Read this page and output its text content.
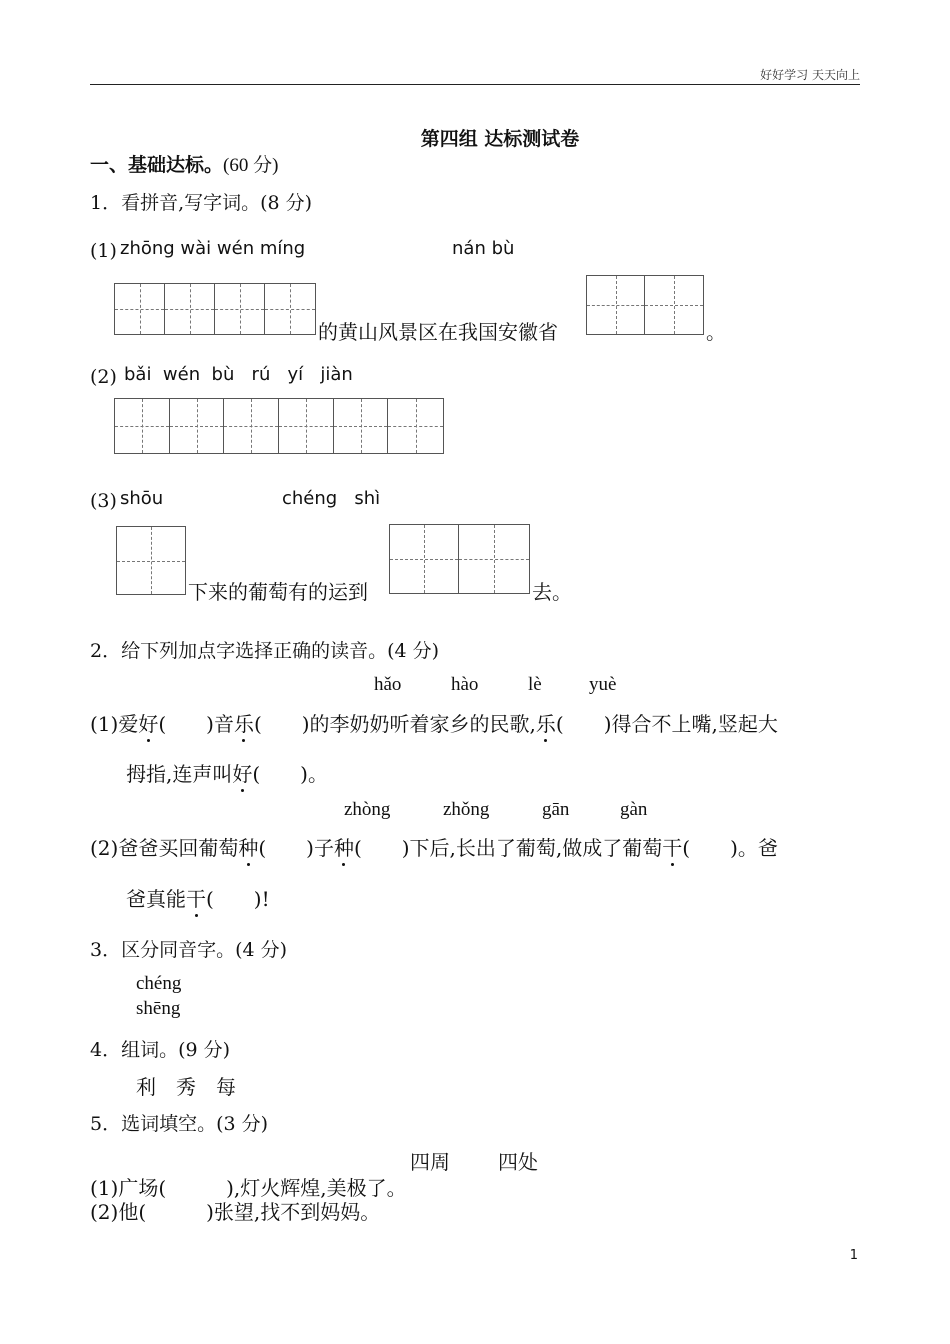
好好学习 天天向上
第四组 达标测试卷
一、基础达标。(60 分)
1．看拼音,写字词。(8 分)
(1) zhōng wài wén míng	nán bù
的黄山风景区在我国安徽省	。
(2) bǎi  wén  bù   rú   yí   jiàn
(3) shōu	chéng   shì
下来的葡萄有的运到	去。
2．给下列加点字选择正确的读音。(4 分)
hǎo	hào	lè yuè
(1)爱好(　　)音乐(　　)的李奶奶听着家乡的民歌,乐(　　)得合不上嘴,竖起大
拇指,连声叫好(　　)。
zhòng	zhǒng	gān	gàn
(2)爸爸买回葡萄种(　　)子种(　　)下后,长出了葡萄,做成了葡萄干(　　)。爸
爸真能干(　　)!
3．区分同音字。(4 分)
chéng
shēng
4．组词。(9 分)
利　秀　每
5．选词填空。(3 分)
四周 四处
(1)广场(　　　),灯火辉煌,美极了。
(2)他(　　　)张望,找不到妈妈。
1
